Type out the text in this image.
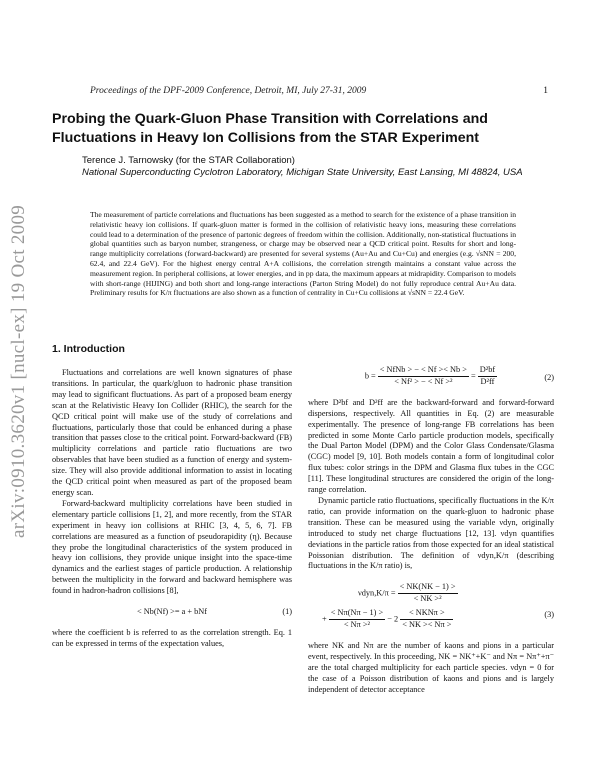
Proceedings of the DPF-2009 Conference, Detroit, MI, July 27-31, 2009	1
arXiv:0910.3620v1 [nucl-ex] 19 Oct 2009
Probing the Quark-Gluon Phase Transition with Correlations and Fluctuations in Heavy Ion Collisions from the STAR Experiment
Terence J. Tarnowsky (for the STAR Collaboration)
National Superconducting Cyclotron Laboratory, Michigan State University, East Lansing, MI 48824, USA
The measurement of particle correlations and fluctuations has been suggested as a method to search for the existence of a phase transition in relativistic heavy ion collisions. If quark-gluon matter is formed in the collision of relativistic heavy ions, measuring these correlations could lead to a determination of the presence of partonic degrees of freedom within the collision. Additionally, non-statistical fluctuations in global quantities such as baryon number, strangeness, or charge may be observed near a QCD critical point. Results for short and long-range multiplicity correlations (forward-backward) are presented for several systems (Au+Au and Cu+Cu) and energies (e.g. √sNN = 200, 62.4, and 22.4 GeV). For the highest energy central A+A collisions, the correlation strength maintains a constant value across the measurement region. In peripheral collisions, at lower energies, and in pp data, the maximum appears at midrapidity. Comparison to models with short-range (HIJING) and both short and long-range interactions (Parton String Model) do not fully reproduce central Au+Au data. Preliminary results for K/π fluctuations are also shown as a function of centrality in Cu+Cu collisions at √sNN = 22.4 GeV.
1. Introduction

Fluctuations and correlations are well known signatures of phase transitions. In particular, the quark/gluon to hadronic phase transition may lead to significant fluctuations. As part of a proposed beam energy scan at the Relativistic Heavy Ion Collider (RHIC), the search for the QCD critical point will make use of the study of correlations and fluctuations, particularly those that could be enhanced during a phase transition that passes close to the critical point. Forward-backward (FB) multiplicity correlations and particle ratio fluctuations are two observables that have been studied as a function of energy and system-size. They will also provide additional information to assist in locating the QCD critical point when measured as part of the proposed beam energy scan.

Forward-backward multiplicity correlations have been studied in elementary particle collisions [1, 2], and more recently, from the STAR experiment in heavy ion collisions at RHIC [3, 4, 5, 6, 7]. FB correlations are measured as a function of pseudorapidity (η). Because they probe the longitudinal characteristics of the system produced in heavy ion collisions, they provide unique insight into the space-time dynamics and the earliest stages of particle production. A relationship between the multiplicity in the forward and backward hemisphere was found in hadron-hadron collisions [8],

< Nb(Nf) >= a + bNf	(1)

where the coefficient b is referred to as the correlation strength. Eq. 1 can be expressed in terms of the expectation values,

$b = \frac{\text{< NfNb > − < Nf >< Nb >}}{\text{< Nf² > − < Nf >²}} = \frac{\text{D²bf}}{\text{D²ff}}$	(2)

where D²bf and D²ff are the backward-forward and forward-forward dispersions, respectively. All quantities in Eq. (2) are measurable experimentally. The presence of long-range FB correlations has been predicted in some Monte Carlo particle production models, specifically the Dual Parton Model (DPM) and the Color Glass Condensate/Glasma (CGC) model [9, 10]. Both models contain a form of longitudinal color flux tubes: color strings in the DPM and Glasma flux tubes in the CGC [11]. These longitudinal structures are considered the origin of the long-range correlation.

Dynamic particle ratio fluctuations, specifically fluctuations in the K/π ratio, can provide information on the quark-gluon to hadronic phase transition. These can be measured using the variable νdyn, originally introduced to study net charge fluctuations [12, 13]. νdyn quantifies deviations in the particle ratios from those expected for an ideal statistical Poissonian distribution. The definition of νdyn,K/π (describing fluctuations in the K/π ratio) is,

$\nu dyn,K/\pi = \frac{< NK(NK - 1) >}{\text{< NK >²}}$
+ $\frac{< N\pi(N\pi - 1) >}{\text{< Nπ >²}} - 2 \frac{\text{< NKNπ >}}{< NK >< N\pi >}$	(3)

where NK and Nπ are the number of kaons and pions in a particular event, respectively. In this proceeding, NK = NK⁺+K⁻ and Nπ = Nπ⁺+π⁻ are the total charged multiplicity for each particle species. νdyn = 0 for the case of a Poisson distribution of kaons and pions and is largely independent of detector acceptance
